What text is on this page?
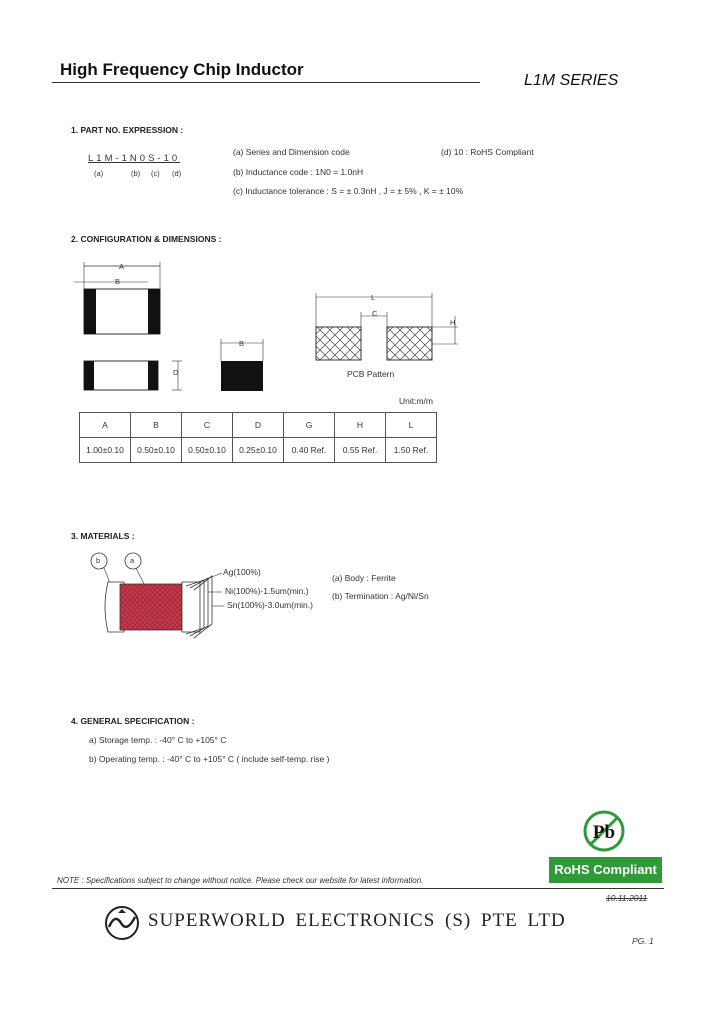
High Frequency Chip Inductor
L1M SERIES
1. PART NO. EXPRESSION :
L1M-1N0S-10
(a)	(b) (c) (d)
(a) Series and Dimension code
(b) Inductance code : 1N0 = 1.0nH
(c) Inductance tolerance : S = ± 0.3nH , J = ± 5% , K = ± 10%
(d) 10 : RoHS Compliant
2. CONFIGURATION & DIMENSIONS :
A
B
D
B
L
C
H
PCB Pattern
Unit:m/m
A	B	C	D	G	H	L
1.00±0.10	0.50±0.10	0.50±0.10	0.25±0.10	0.40 Ref.	0.55 Ref.	1.50 Ref.
3. MATERIALS :
b	a
Ag(100%)
Ni(100%)-1.5um(min.)
Sn(100%)-3.0um(min.)
(a) Body : Ferrite
(b) Termination : Ag/Ni/Sn
4. GENERAL SPECIFICATION :
a) Storage temp. : -40° C to +105° C
b) Operating temp. : -40° C to +105° C ( include self-temp. rise )
Pb
RoHS Compliant
NOTE : Specifications subject to change without notice. Please check our website for latest information.
10.11.2011
SUPERWORLD ELECTRONICS (S) PTE LTD
PG. 1
